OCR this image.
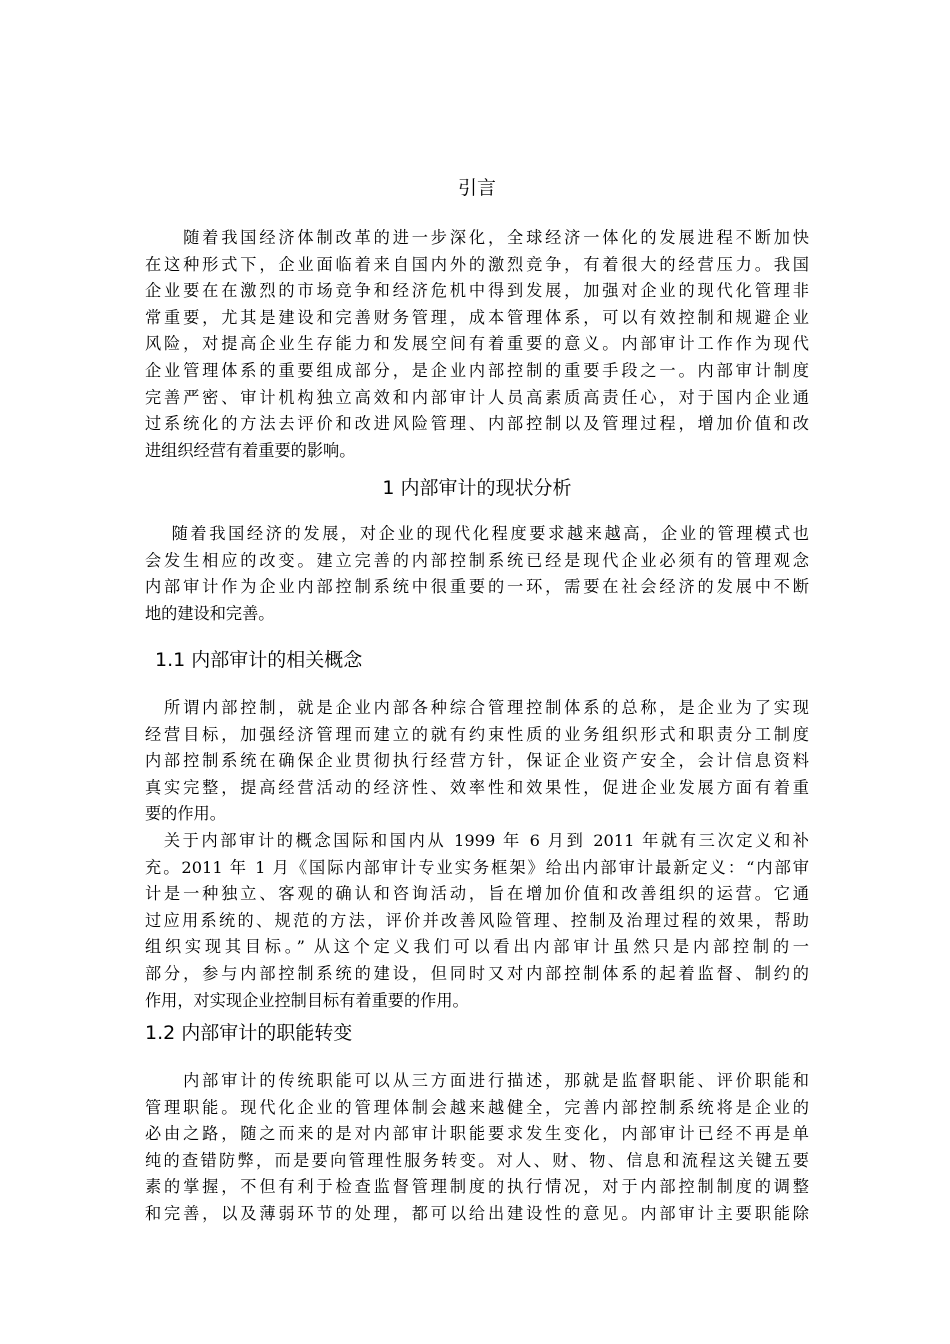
引言
　　随着我国经济体制改革的进一步深化，全球经济一体化的发展进程不断加快
在这种形式下，企业面临着来自国内外的激烈竞争，有着很大的经营压力。我国
企业要在在激烈的市场竞争和经济危机中得到发展，加强对企业的现代化管理非
常重要，尤其是建设和完善财务管理，成本管理体系，可以有效控制和规避企业
风险，对提高企业生存能力和发展空间有着重要的意义。内部审计工作作为现代
企业管理体系的重要组成部分，是企业内部控制的重要手段之一。内部审计制度
完善严密、审计机构独立高效和内部审计人员高素质高责任心，对于国内企业通
过系统化的方法去评价和改进风险管理、内部控制以及管理过程，增加价值和改
进组织经营有着重要的影响。
1 内部审计的现状分析
　 随着我国经济的发展，对企业的现代化程度要求越来越高，企业的管理模式也
会发生相应的改变。建立完善的内部控制系统已经是现代企业必须有的管理观念
内部审计作为企业内部控制系统中很重要的一环，需要在社会经济的发展中不断
地的建设和完善。
1.1 内部审计的相关概念
　所谓内部控制，就是企业内部各种综合管理控制体系的总称，是企业为了实现
经营目标，加强经济管理而建立的就有约束性质的业务组织形式和职责分工制度
内部控制系统在确保企业贯彻执行经营方针，保证企业资产安全，会计信息资料
真实完整，提高经营活动的经济性、效率性和效果性，促进企业发展方面有着重
要的作用。
　关于内部审计的概念国际和国内从 1999 年 6 月到 2011 年就有三次定义和补
充。2011 年 1 月《国际内部审计专业实务框架》给出内部审计最新定义：“内部审
计是一种独立、客观的确认和咨询活动，旨在增加价值和改善组织的运营。它通
过应用系统的、规范的方法，评价并改善风险管理、控制及治理过程的效果，帮助
组织实现其目标。” 从这个定义我们可以看出内部审计虽然只是内部控制的一
部分，参与内部控制系统的建设，但同时又对内部控制体系的起着监督、制约的
作用，对实现企业控制目标有着重要的作用。
1.2 内部审计的职能转变
　　内部审计的传统职能可以从三方面进行描述，那就是监督职能、评价职能和
管理职能。现代化企业的管理体制会越来越健全，完善内部控制系统将是企业的
必由之路，随之而来的是对内部审计职能要求发生变化，内部审计已经不再是单
纯的查错防弊，而是要向管理性服务转变。对人、财、物、信息和流程这关键五要
素的掌握，不但有利于检查监督管理制度的执行情况，对于内部控制制度的调整
和完善，以及薄弱环节的处理，都可以给出建设性的意见。内部审计主要职能除
